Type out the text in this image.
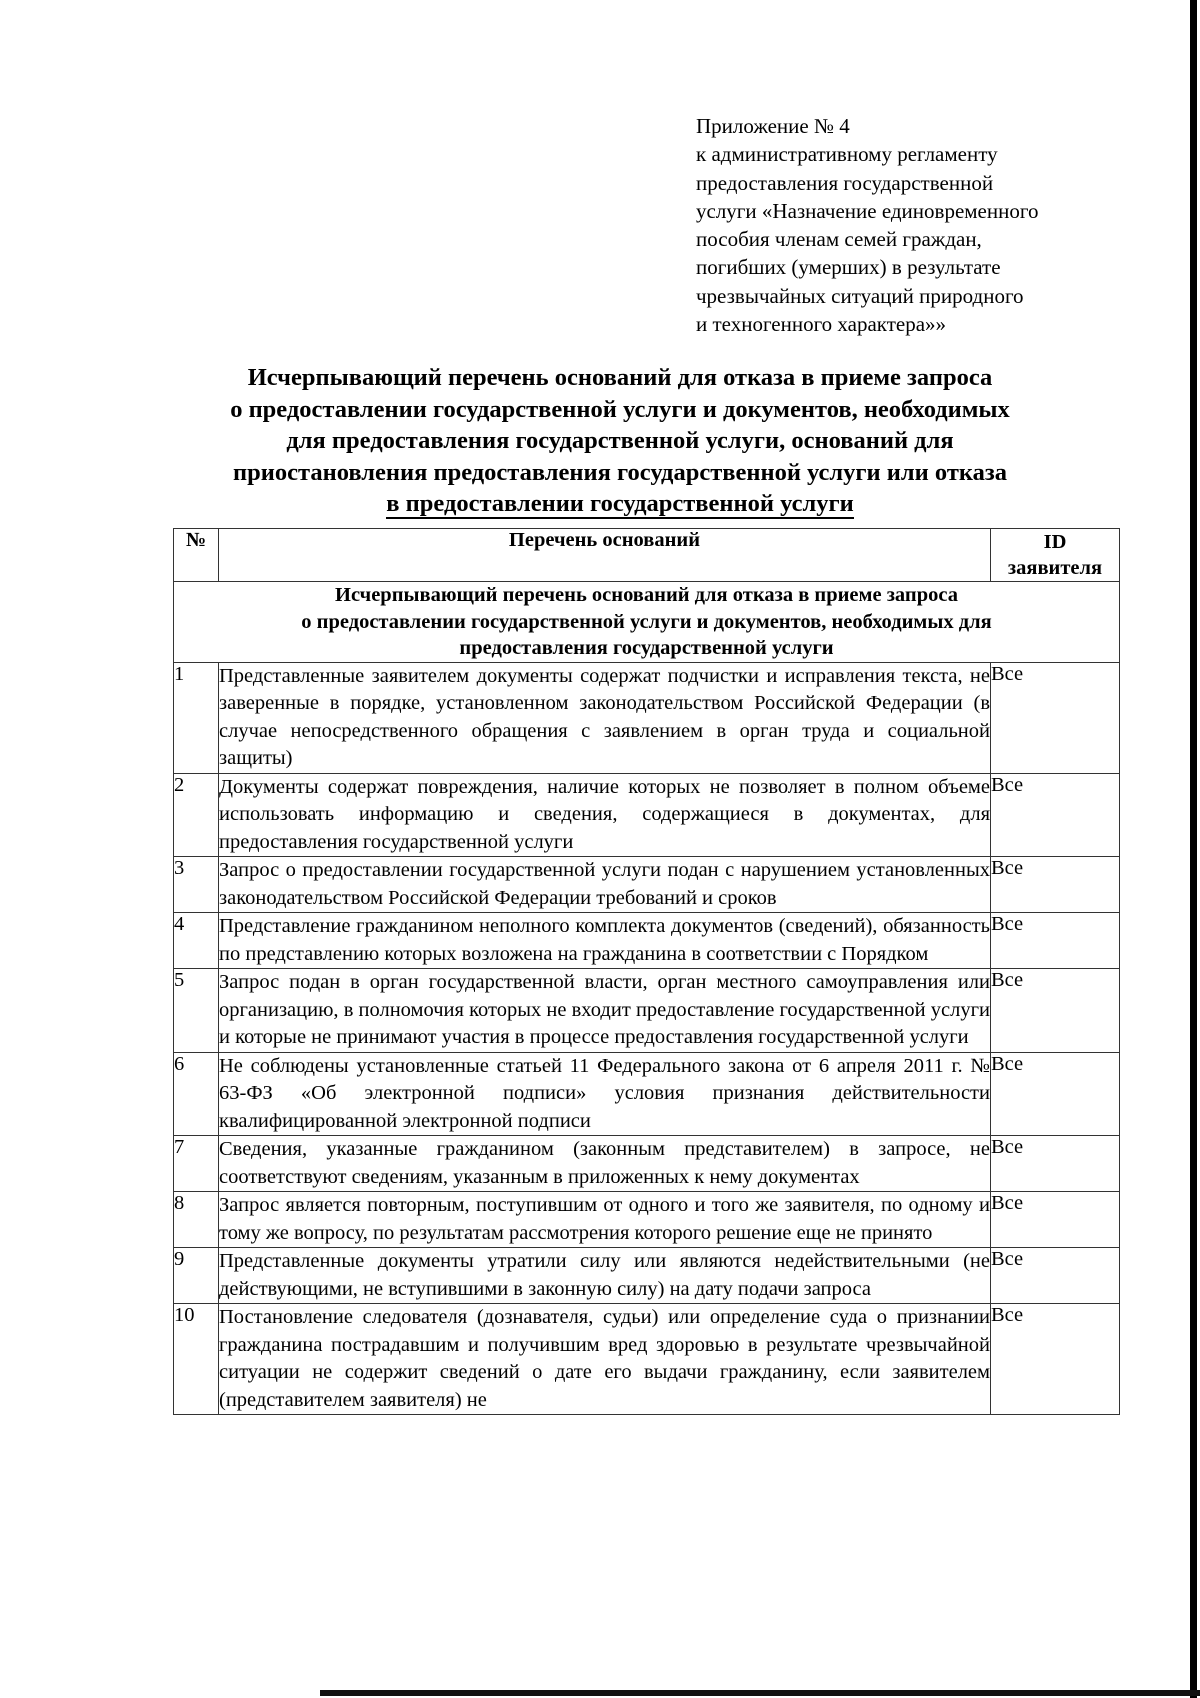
Приложение № 4
к административному регламенту
предоставления государственной
услуги «Назначение единовременного
пособия членам семей граждан,
погибших (умерших) в результате
чрезвычайных ситуаций природного
и техногенного характера»»
Исчерпывающий перечень оснований для отказа в приеме запроса
о предоставлении государственной услуги и документов, необходимых
для предоставления государственной услуги, оснований для
приостановления предоставления государственной услуги или отказа
в предоставлении государственной услуги
№	Перечень оснований	ID
заявителя

Исчерпывающий перечень оснований для отказа в приеме запроса
о предоставлении государственной услуги и документов, необходимых для
предоставления государственной услуги		

1	Представленные заявителем документы содержат подчистки и исправления текста, не заверенные в порядке, установленном законодательством Российской Федерации (в случае непосредственного обращения с заявлением в орган труда и социальной защиты)	Все
2	Документы содержат повреждения, наличие которых не позволяет в полном объеме использовать информацию и сведения, содержащиеся в документах, для предоставления государственной услуги	Все
3	Запрос о предоставлении государственной услуги подан с нарушением установленных законодательством Российской Федерации требований и сроков	Все
4	Представление гражданином неполного комплекта документов (сведений), обязанность по представлению которых возложена на гражданина в соответствии с Порядком	Все
5	Запрос подан в орган государственной власти, орган местного самоуправления или организацию, в полномочия которых не входит предоставление государственной услуги и которые не принимают участия в процессе предоставления государственной услуги	Все
6	Не соблюдены установленные статьей 11 Федерального закона от 6 апреля 2011 г. № 63-ФЗ «Об электронной подписи» условия признания действительности квалифицированной электронной подписи	Все
7	Сведения, указанные гражданином (законным представителем) в запросе, не соответствуют сведениям, указанным в приложенных к нему документах	Все
8	Запрос является повторным, поступившим от одного и того же заявителя, по одному и тому же вопросу, по результатам рассмотрения которого решение еще не принято	Все
9	Представленные документы утратили силу или являются недействительными (не действующими, не вступившими в законную силу) на дату подачи запроса	Все
10	Постановление следователя (дознавателя, судьи) или определение суда о признании гражданина пострадавшим и получившим вред здоровью в результате чрезвычайной ситуации не содержит сведений о дате его выдачи гражданину, если заявителем (представителем заявителя) не	Все
